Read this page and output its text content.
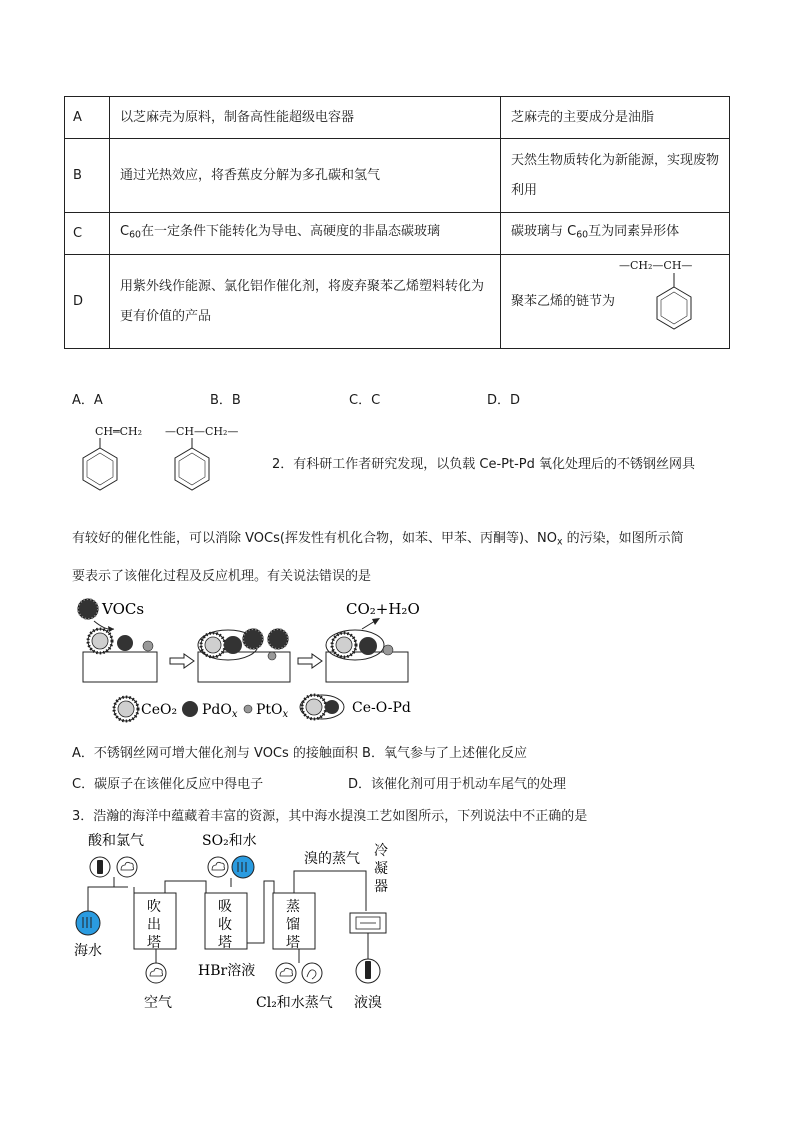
A	以芝麻壳为原料，制备高性能超级电容器	芝麻壳的主要成分是油脂
B	通过光热效应，将香蕉皮分解为多孔碳和氢气	天然生物质转化为新能源，实现废物利用
C	$C_{60}$在一定条件下能转化为导电、高硬度的非晶态碳玻璃	碳玻璃与 $C_{60}$互为同素异形体
D	用紫外线作能源、氯化铝作催化剂，将废弃聚苯乙烯塑料转化为更有价值的产品	聚苯乙烯的链节为
—CH₂—CH—
A．A	B．B	C．C	D．D
CH═CH₂ —CH—CH₂—
2．有科研工作者研究发现，以负载 Ce-Pt-Pd 氧化处理后的不锈钢丝网具
有较好的催化性能，可以消除 VOCs(挥发性有机化合物，如苯、甲苯、丙酮等)、$NO_x$ 的污染，如图所示简
要表示了该催化过程及反应机理。有关说法错误的是
VOCs	CO₂+H₂O
CeO₂ PdO$_x$ PtO$_x$	Ce-O-Pd
A．不锈钢丝网可增大催化剂与 VOCs 的接触面积 B．氧气参与了上述催化反应
C．碳原子在该催化反应中得电子	D．该催化剂可用于机动车尾气的处理
3．浩瀚的海洋中蕴藏着丰富的资源，其中海水提溴工艺如图所示，下列说法中不正确的是
酸和氯气	SO₂和水
溴的蒸气 冷
凝
器
海水
吹
出
塔
空气
吸
收
塔
HBr溶液
蒸
馏
塔
Cl₂和水蒸气 液溴
